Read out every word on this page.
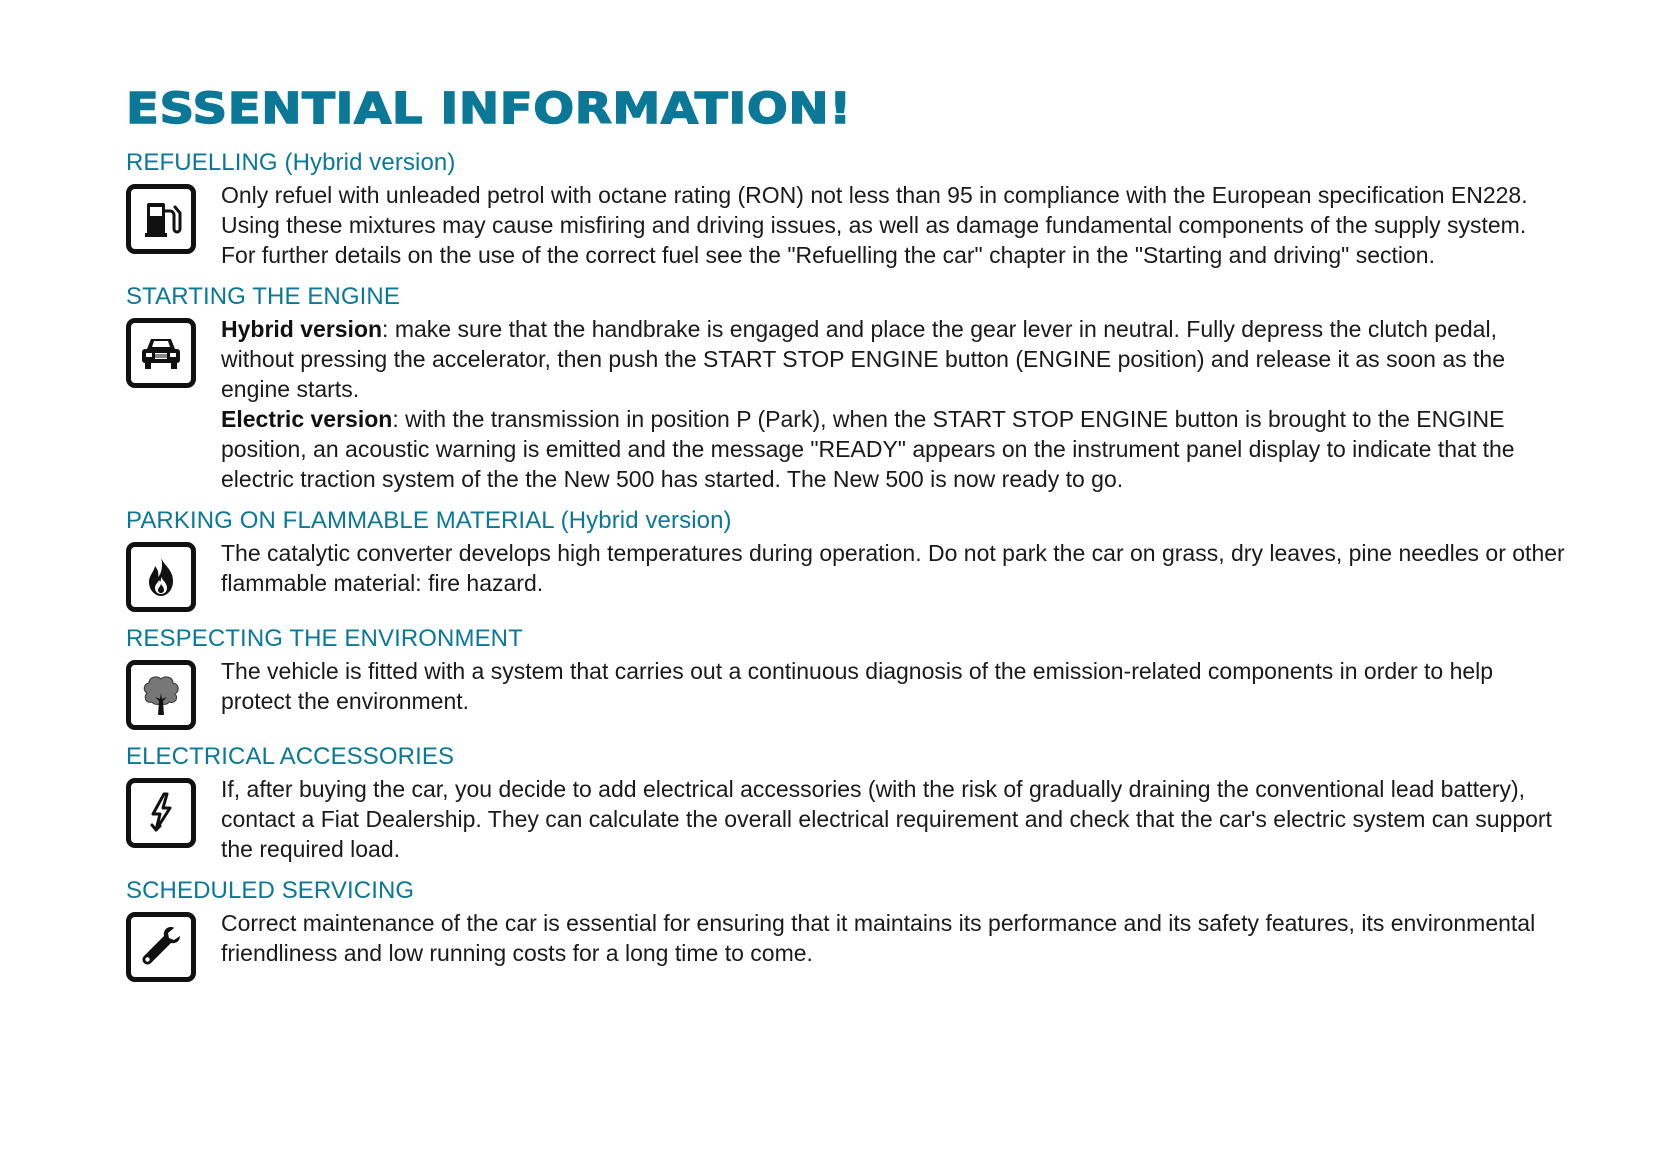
ESSENTIAL INFORMATION!
REFUELLING (Hybrid version)

Only refuel with unleaded petrol with octane rating (RON) not less than 95 in compliance with the European specification EN228. Using these mixtures may cause misfiring and driving issues, as well as damage fundamental components of the supply system.

For further details on the use of the correct fuel see the "Refuelling the car" chapter in the "Starting and driving" section.

STARTING THE ENGINE

Hybrid version: make sure that the handbrake is engaged and place the gear lever in neutral. Fully depress the clutch pedal, without pressing the accelerator, then push the START STOP ENGINE button (ENGINE position) and release it as soon as the engine starts.

Electric version: with the transmission in position P (Park), when the START STOP ENGINE button is brought to the ENGINE position, an acoustic warning is emitted and the message "READY" appears on the instrument panel display to indicate that the electric traction system of the the New 500 has started. The New 500 is now ready to go.

PARKING ON FLAMMABLE MATERIAL (Hybrid version)

The catalytic converter develops high temperatures during operation. Do not park the car on grass, dry leaves, pine needles or other flammable material: fire hazard.

RESPECTING THE ENVIRONMENT

The vehicle is fitted with a system that carries out a continuous diagnosis of the emission-related components in order to help protect the environment.

ELECTRICAL ACCESSORIES

If, after buying the car, you decide to add electrical accessories (with the risk of gradually draining the conventional lead battery), contact a Fiat Dealership. They can calculate the overall electrical requirement and check that the car's electric system can support the required load.

SCHEDULED SERVICING

Correct maintenance of the car is essential for ensuring that it maintains its performance and its safety features, its environmental friendliness and low running costs for a long time to come.
